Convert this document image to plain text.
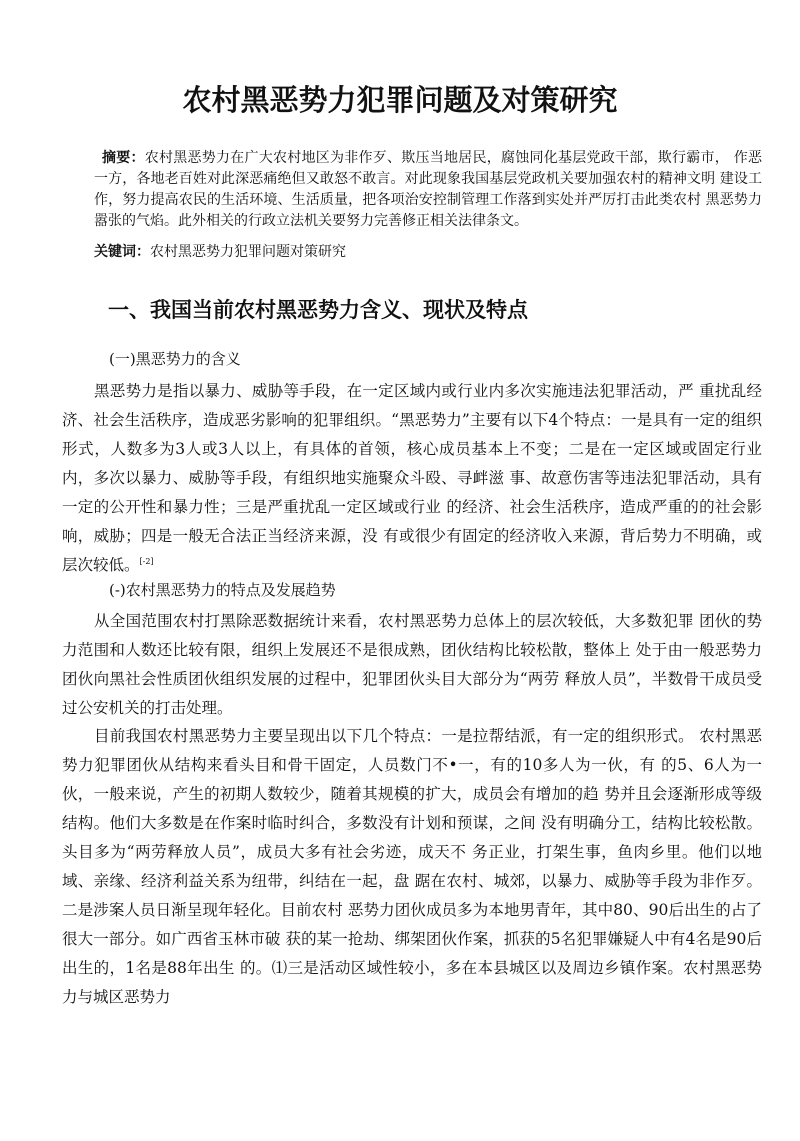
农村黑恶势力犯罪问题及对策研究
摘要：农村黑恶势力在广大农村地区为非作歹、欺压当地居民，腐蚀同化基层党政干部，欺行霸市， 作恶一方，各地老百姓对此深恶痛绝但又敢怒不敢言。对此现象我国基层党政机关要加强农村的精神文明 建设工作，努力提高农民的生活环境、生活质量，把各项治安控制管理工作落到实处并严厉打击此类农村 黑恶势力嚣张的气焰。此外相关的行政立法机关要努力完善修正相关法律条文。
关键词：农村黑恶势力犯罪问题对策研究
一、我国当前农村黑恶势力含义、现状及特点
(一)黑恶势力的含义
黑恶势力是指以暴力、威胁等手段，在一定区域内或行业内多次实施违法犯罪活动，严 重扰乱经济、社会生活秩序，造成恶劣影响的犯罪组织。“黑恶势力”主要有以下4个特点：一是具有一定的组织形式，人数多为3人或3人以上，有具体的首领，核心成员基本上不变；二是在一定区域或固定行业内，多次以暴力、威胁等手段，有组织地实施聚众斗殴、寻衅滋 事、故意伤害等违法犯罪活动，具有一定的公开性和暴力性；三是严重扰乱一定区域或行业 的经济、社会生活秩序，造成严重的的社会影响，威胁；四是一般无合法正当经济来源，没 有或很少有固定的经济收入来源，背后势力不明确，或层次较低。[-2]
(-)农村黑恶势力的特点及发展趋势
从全国范围农村打黑除恶数据统计来看，农村黑恶势力总体上的层次较低，大多数犯罪 团伙的势力范围和人数还比较有限，组织上发展还不是很成熟，团伙结构比较松散，整体上 处于由一般恶势力团伙向黑社会性质团伙组织发展的过程中，犯罪团伙头目大部分为“两劳 释放人员”，半数骨干成员受过公安机关的打击处理。
目前我国农村黑恶势力主要呈现出以下几个特点：一是拉帮结派，有一定的组织形式。 农村黑恶势力犯罪团伙从结构来看头目和骨干固定，人员数门不•一，有的10多人为一伙，有 的5、6人为一伙，一般来说，产生的初期人数较少，随着其规模的扩大，成员会有增加的趋 势并且会逐渐形成等级结构。他们大多数是在作案时临时纠合，多数没有计划和预谋，之间 没有明确分工，结构比较松散。头目多为“两劳释放人员”，成员大多有社会劣迹，成天不 务正业，打架生事，鱼肉乡里。他们以地域、亲缘、经济利益关系为纽带，纠结在一起，盘 踞在农村、城郊，以暴力、威胁等手段为非作歹。二是涉案人员日渐呈现年轻化。目前农村 恶势力团伙成员多为本地男青年，其中80、90后出生的占了很大一部分。如广西省玉林市破 获的某一抢劫、绑架团伙作案，抓获的5名犯罪嫌疑人中有4名是90后出生的，1名是88年出生 的。⑴三是活动区域性较小，多在本县城区以及周边乡镇作案。农村黑恶势力与城区恶势力
